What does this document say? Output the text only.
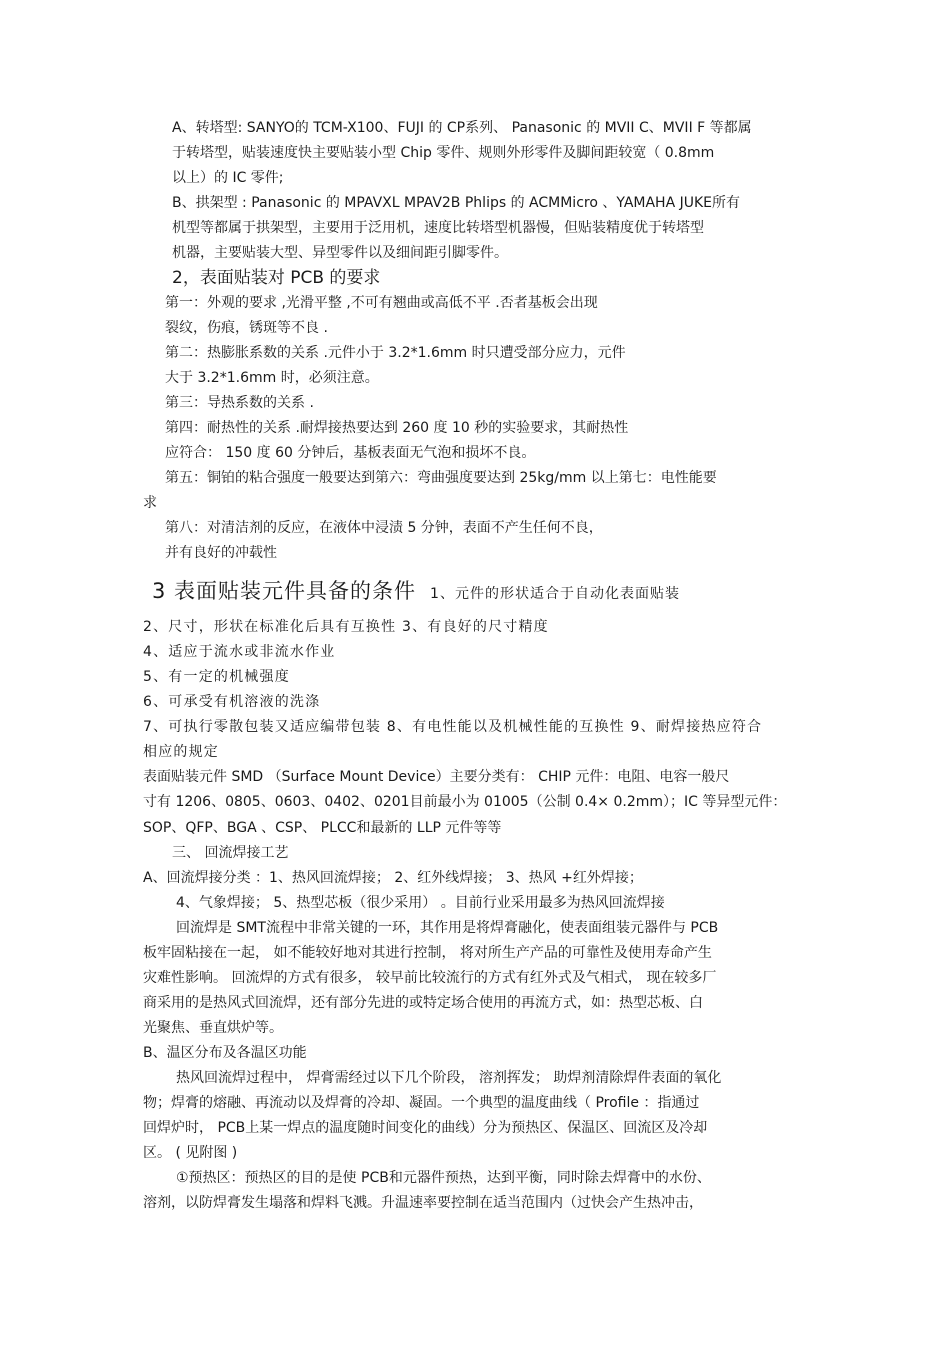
A、转塔型: SANYO的 TCM-X100、FUJI 的 CP系列、 Panasonic 的 MVII C、MVII F 等都属
于转塔型，贴装速度快主要贴装小型 Chip 零件、规则外形零件及脚间距较宽（ 0.8mm
以上）的 IC 零件;
B、拱架型 : Panasonic 的 MPAVXL MPAV2B Phlips 的 ACMMicro 、YAMAHA JUKE所有
机型等都属于拱架型，主要用于泛用机，速度比转塔型机器慢，但贴装精度优于转塔型
机器，主要贴装大型、异型零件以及细间距引脚零件。
2，表面贴装对 PCB 的要求
第一：外观的要求 ,光滑平整 ,不可有翘曲或高低不平 .否者基板会出现
裂纹，伤痕，锈斑等不良 .
第二：热膨胀系数的关系 .元件小于 3.2*1.6mm 时只遭受部分应力，元件
大于 3.2*1.6mm 时，必须注意。
第三：导热系数的关系 .
第四：耐热性的关系 .耐焊接热要达到 260 度 10 秒的实验要求，其耐热性
应符合： 150 度 60 分钟后，基板表面无气泡和损坏不良。
第五：铜铂的粘合强度一般要达到第六：弯曲强度要达到 25kg/mm 以上第七：电性能要
求
第八：对清洁剂的反应，在液体中浸渍 5 分钟，表面不产生任何不良，
并有良好的冲载性
3 表面贴装元件具备的条件 1、元件的形状适合于自动化表面贴装
2、尺寸，形状在标准化后具有互换性 3、有良好的尺寸精度
4、适应于流水或非流水作业
5、有一定的机械强度
6、可承受有机溶液的洗涤
7、可执行零散包装又适应编带包装 8、有电性能以及机械性能的互换性 9、耐焊接热应符合
相应的规定
表面贴装元件 SMD （Surface Mount Device）主要分类有： CHIP 元件：电阻、电容一般尺
寸有 1206、0805、0603、0402、0201目前最小为 01005（公制 0.4× 0.2mm）；IC 等异型元件：
SOP、QFP、BGA 、CSP、 PLCC和最新的 LLP 元件等等
三、 回流焊接工艺
A、回流焊接分类 ：1、热风回流焊接； 2、红外线焊接； 3、热风 +红外焊接；
4、气象焊接； 5、热型芯板（很少采用） 。目前行业采用最多为热风回流焊接
回流焊是 SMT流程中非常关键的一环，其作用是将焊膏融化，使表面组装元器件与 PCB
板牢固粘接在一起， 如不能较好地对其进行控制， 将对所生产产品的可靠性及使用寿命产生
灾难性影响。 回流焊的方式有很多， 较早前比较流行的方式有红外式及气相式， 现在较多厂
商采用的是热风式回流焊，还有部分先进的或特定场合使用的再流方式，如：热型芯板、白
光聚焦、垂直烘炉等。
B、温区分布及各温区功能
热风回流焊过程中， 焊膏需经过以下几个阶段， 溶剂挥发； 助焊剂清除焊件表面的氧化
物；焊膏的熔融、再流动以及焊膏的冷却、凝固。一个典型的温度曲线（ Profile ：指通过
回焊炉时， PCB上某一焊点的温度随时间变化的曲线）分为预热区、保温区、回流区及冷却
区。 ( 见附图 )
①预热区：预热区的目的是使 PCB和元器件预热，达到平衡，同时除去焊膏中的水份、
溶剂，以防焊膏发生塌落和焊料飞溅。升温速率要控制在适当范围内（过快会产生热冲击，
